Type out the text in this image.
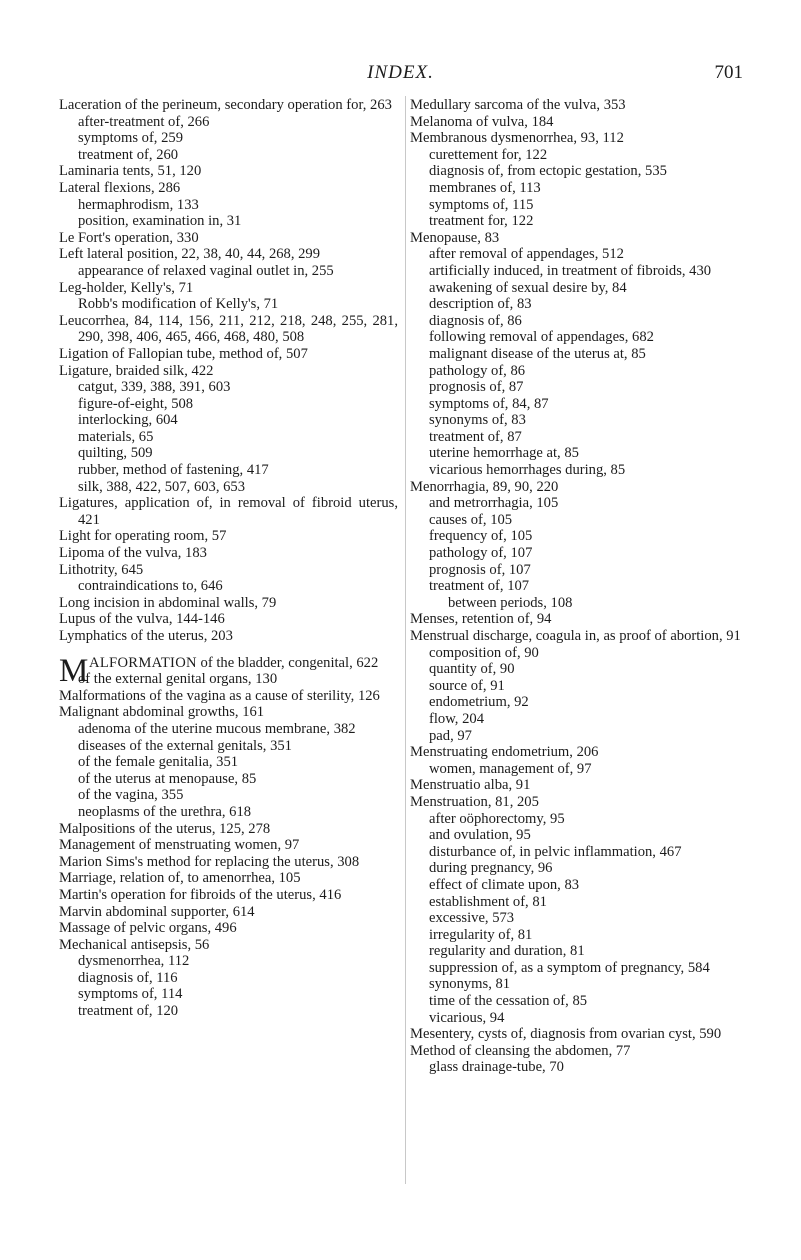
INDEX.	701

Laceration of the perineum, secondary operation for, 263

after-treatment of, 266

symptoms of, 259

treatment of, 260

Laminaria tents, 51, 120

Lateral flexions, 286

hermaphrodism, 133

position, examination in, 31

Le Fort's operation, 330

Left lateral position, 22, 38, 40, 44, 268, 299

appearance of relaxed vaginal outlet in, 255

Leg-holder, Kelly's, 71

Robb's modification of Kelly's, 71

Leucorrhea, 84, 114, 156, 211, 212, 218, 248, 255, 281, 290, 398, 406, 465, 466, 468, 480, 508

Ligation of Fallopian tube, method of, 507

Ligature, braided silk, 422

catgut, 339, 388, 391, 603

figure-of-eight, 508

interlocking, 604

materials, 65

quilting, 509

rubber, method of fastening, 417

silk, 388, 422, 507, 603, 653

Ligatures, application of, in removal of fibroid uterus, 421

Light for operating room, 57

Lipoma of the vulva, 183

Lithotrity, 645

contraindications to, 646

Long incision in abdominal walls, 79

Lupus of the vulva, 144-146

Lymphatics of the uterus, 203

M ALFORMATION of the bladder, congenital, 622

of the external genital organs, 130

Malformations of the vagina as a cause of sterility, 126

Malignant abdominal growths, 161

adenoma of the uterine mucous membrane, 382

diseases of the external genitals, 351

of the female genitalia, 351

of the uterus at menopause, 85

of the vagina, 355

neoplasms of the urethra, 618

Malpositions of the uterus, 125, 278

Management of menstruating women, 97

Marion Sims's method for replacing the uterus, 308

Marriage, relation of, to amenorrhea, 105

Martin's operation for fibroids of the uterus, 416

Marvin abdominal supporter, 614

Massage of pelvic organs, 496

Mechanical antisepsis, 56

dysmenorrhea, 112

diagnosis of, 116

symptoms of, 114

treatment of, 120

Medullary sarcoma of the vulva, 353

Melanoma of vulva, 184

Membranous dysmenorrhea, 93, 112

curettement for, 122

diagnosis of, from ectopic gestation, 535

membranes of, 113

symptoms of, 115

treatment for, 122

Menopause, 83

after removal of appendages, 512

artificially induced, in treatment of fibroids, 430

awakening of sexual desire by, 84

description of, 83

diagnosis of, 86

following removal of appendages, 682

malignant disease of the uterus at, 85

pathology of, 86

prognosis of, 87

symptoms of, 84, 87

synonyms of, 83

treatment of, 87

uterine hemorrhage at, 85

vicarious hemorrhages during, 85

Menorrhagia, 89, 90, 220

and metrorrhagia, 105

causes of, 105

frequency of, 105

pathology of, 107

prognosis of, 107

treatment of, 107

between periods, 108

Menses, retention of, 94

Menstrual discharge, coagula in, as proof of abortion, 91

composition of, 90

quantity of, 90

source of, 91

endometrium, 92

flow, 204

pad, 97

Menstruating endometrium, 206

women, management of, 97

Menstruatio alba, 91

Menstruation, 81, 205

after oöphorectomy, 95

and ovulation, 95

disturbance of, in pelvic inflammation, 467

during pregnancy, 96

effect of climate upon, 83

establishment of, 81

excessive, 573

irregularity of, 81

regularity and duration, 81

suppression of, as a symptom of pregnancy, 584

synonyms, 81

time of the cessation of, 85

vicarious, 94

Mesentery, cysts of, diagnosis from ovarian cyst, 590

Method of cleansing the abdomen, 77

glass drainage-tube, 70
